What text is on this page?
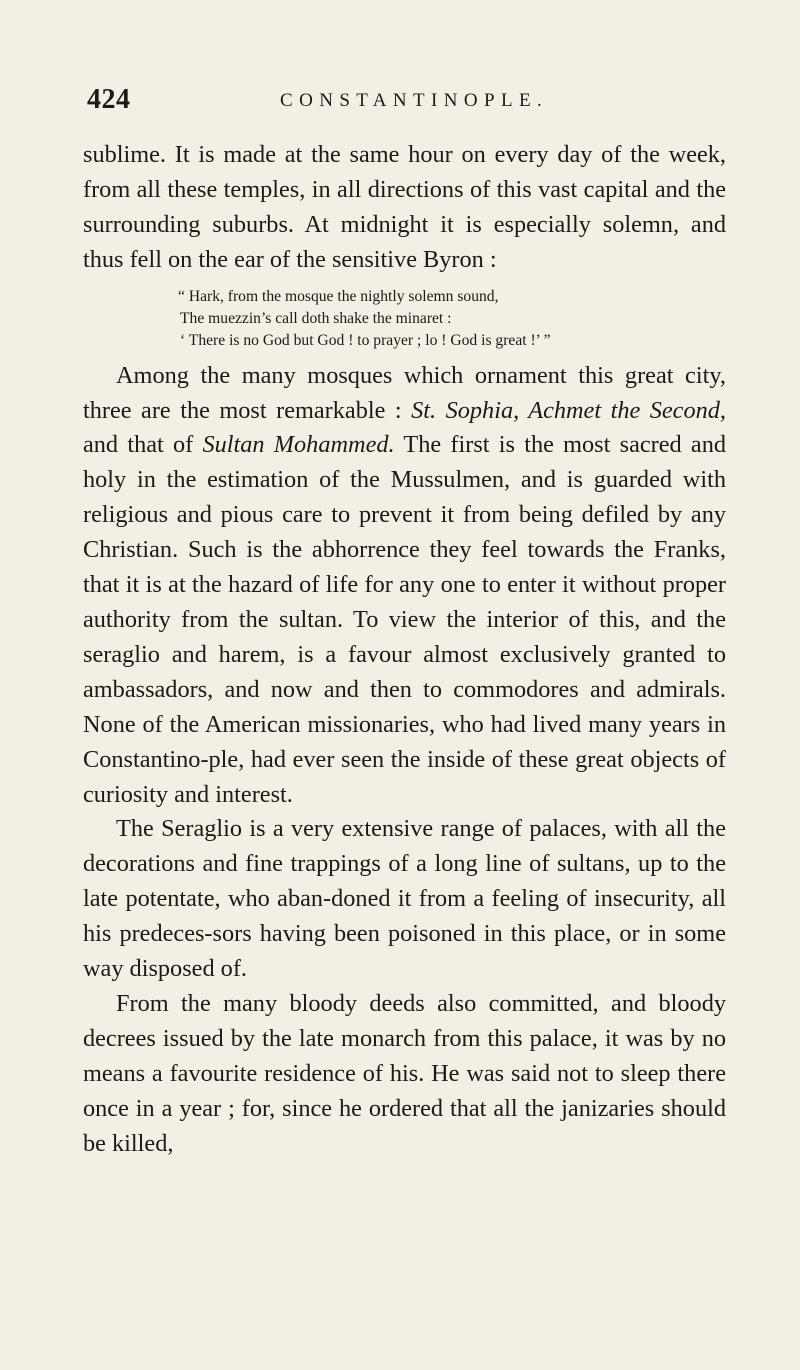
424	CONSTANTINOPLE.

sublime. It is made at the same hour on every day of the week, from all these temples, in all directions of this vast capital and the surrounding suburbs. At midnight it is especially solemn, and thus fell on the ear of the sensitive Byron :

“ Hark, from the mosque the nightly solemn sound,
The muezzin’s call doth shake the minaret :
‘ There is no God but God ! to prayer ; lo ! God is great !’ ”

Among the many mosques which ornament this great city, three are the most remarkable : St. Sophia, Achmet the Second, and that of Sultan Mohammed. The first is the most sacred and holy in the estimation of the Mussulmen, and is guarded with religious and pious care to prevent it from being defiled by any Christian. Such is the abhorrence they feel towards the Franks, that it is at the hazard of life for any one to enter it without proper authority from the sultan. To view the interior of this, and the seraglio and harem, is a favour almost exclusively granted to ambassadors, and now and then to commodores and admirals. None of the American missionaries, who had lived many years in Constantino-ple, had ever seen the inside of these great objects of curiosity and interest.

The Seraglio is a very extensive range of palaces, with all the decorations and fine trappings of a long line of sultans, up to the late potentate, who aban-doned it from a feeling of insecurity, all his predeces-sors having been poisoned in this place, or in some way disposed of.

From the many bloody deeds also committed, and bloody decrees issued by the late monarch from this palace, it was by no means a favourite residence of his. He was said not to sleep there once in a year ; for, since he ordered that all the janizaries should be killed,
